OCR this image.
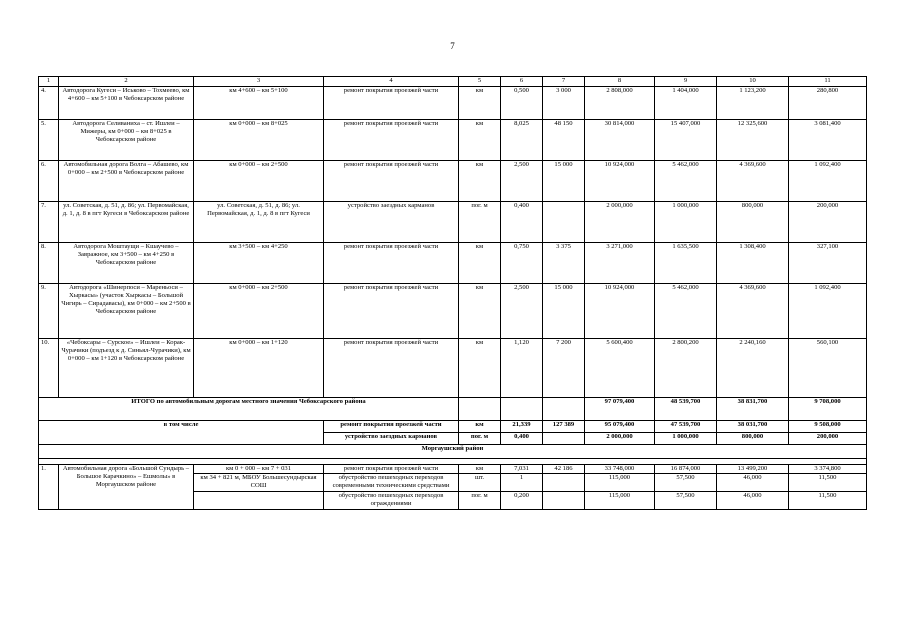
7
1	2	3	4	5	6	7	8	9	10	11
4.	Автодорога Кугеси – Иськово – Тохмеево, км 4+600 – км 5+100 в Чебоксарском районе	км 4+600 – км 5+100	ремонт покрытия проезжей части	км	0,500	3 000	2 808,000	1 404,000	1 123,200	280,800
5.	Автодорога Селиваниха – ст. Ишлеи – Мижеры, км 0+000 – км 8+025 в Чебоксарском районе	км 0+000 – км 8+025	ремонт покрытия проезжей части	км	8,025	48 150	30 814,000	15 407,000	12 325,600	3 081,400
6.	Автомобильная дорога Волга – Абашево, км 0+000 – км 2+500 в Чебоксарском районе	км 0+000 – км 2+500	ремонт покрытия проезжей части	км	2,500	15 000	10 924,000	5 462,000	4 369,600	1 092,400
7.	ул. Советская, д. 51, д. 86; ул. Первомайская, д. 1, д. 8 в пгт Кугеси в Чебоксарском районе	ул. Советская, д. 51, д. 86; ул. Первомайская, д. 1, д. 8 в пгт Кугеси	устройство заездных карманов	пог. м	0,400		2 000,000	1 000,000	800,000	200,000
8.	Автодорога Моштаущи – Кшаучево – Завражное, км 3+500 – км 4+250 в Чебоксарском районе	км 3+500 – км 4+250	ремонт покрытия проезжей части	км	0,750	3 375	3 271,000	1 635,500	1 308,400	327,100
9.	Автодорога «Шинерпоси – Мареньоси – Хыркасы» (участок Хыркасы – Большой Чигирь – Сирадавасы), км 0+000 – км 2+500 в Чебоксарском районе	км 0+000 – км 2+500	ремонт покрытия проезжей части	км	2,500	15 000	10 924,000	5 462,000	4 369,600	1 092,400
10.	«Чебоксары – Сурское» – Ишлеи – Корак-Чурачики (подъезд к д. Синьял-Чурачики), км 0+000 – км 1+120 в Чебоксарском районе	км 0+000 – км 1+120	ремонт покрытия проезжей части	км	1,120	7 200	5 600,400	2 800,200	2 240,160	560,100
ИТОГО по автомобильным дорогам местного значения Чебоксарского района							97 079,400	48 539,700	38 831,700	9 708,000
в том числе			ремонт покрытия проезжей части	км	21,339	127 389	95 079,400	47 539,700	38 031,700	9 508,000
			устройство заездных карманов	пог. м	0,400		2 000,000	1 000,000	800,000	200,000
Моргаушский район										

1.	Автомобильная дорога «Большой Сундырь – Большое Карачкино» – Ешмолы» в Моргаушском районе	км 0 + 000 – км 7 + 031	ремонт покрытия проезжей части	км	7,031	42 186	33 748,000	16 874,000	13 499,200	3 374,800
		км 34 + 821 м, МБОУ Большесундырская СОШ	обустройство пешеходных переходов современными техническими средствами	шт.	1		115,000	57,500	46,000	11,500
			обустройство пешеходных переходов ограждениями	пог. м	0,200		115,000	57,500	46,000	11,500
